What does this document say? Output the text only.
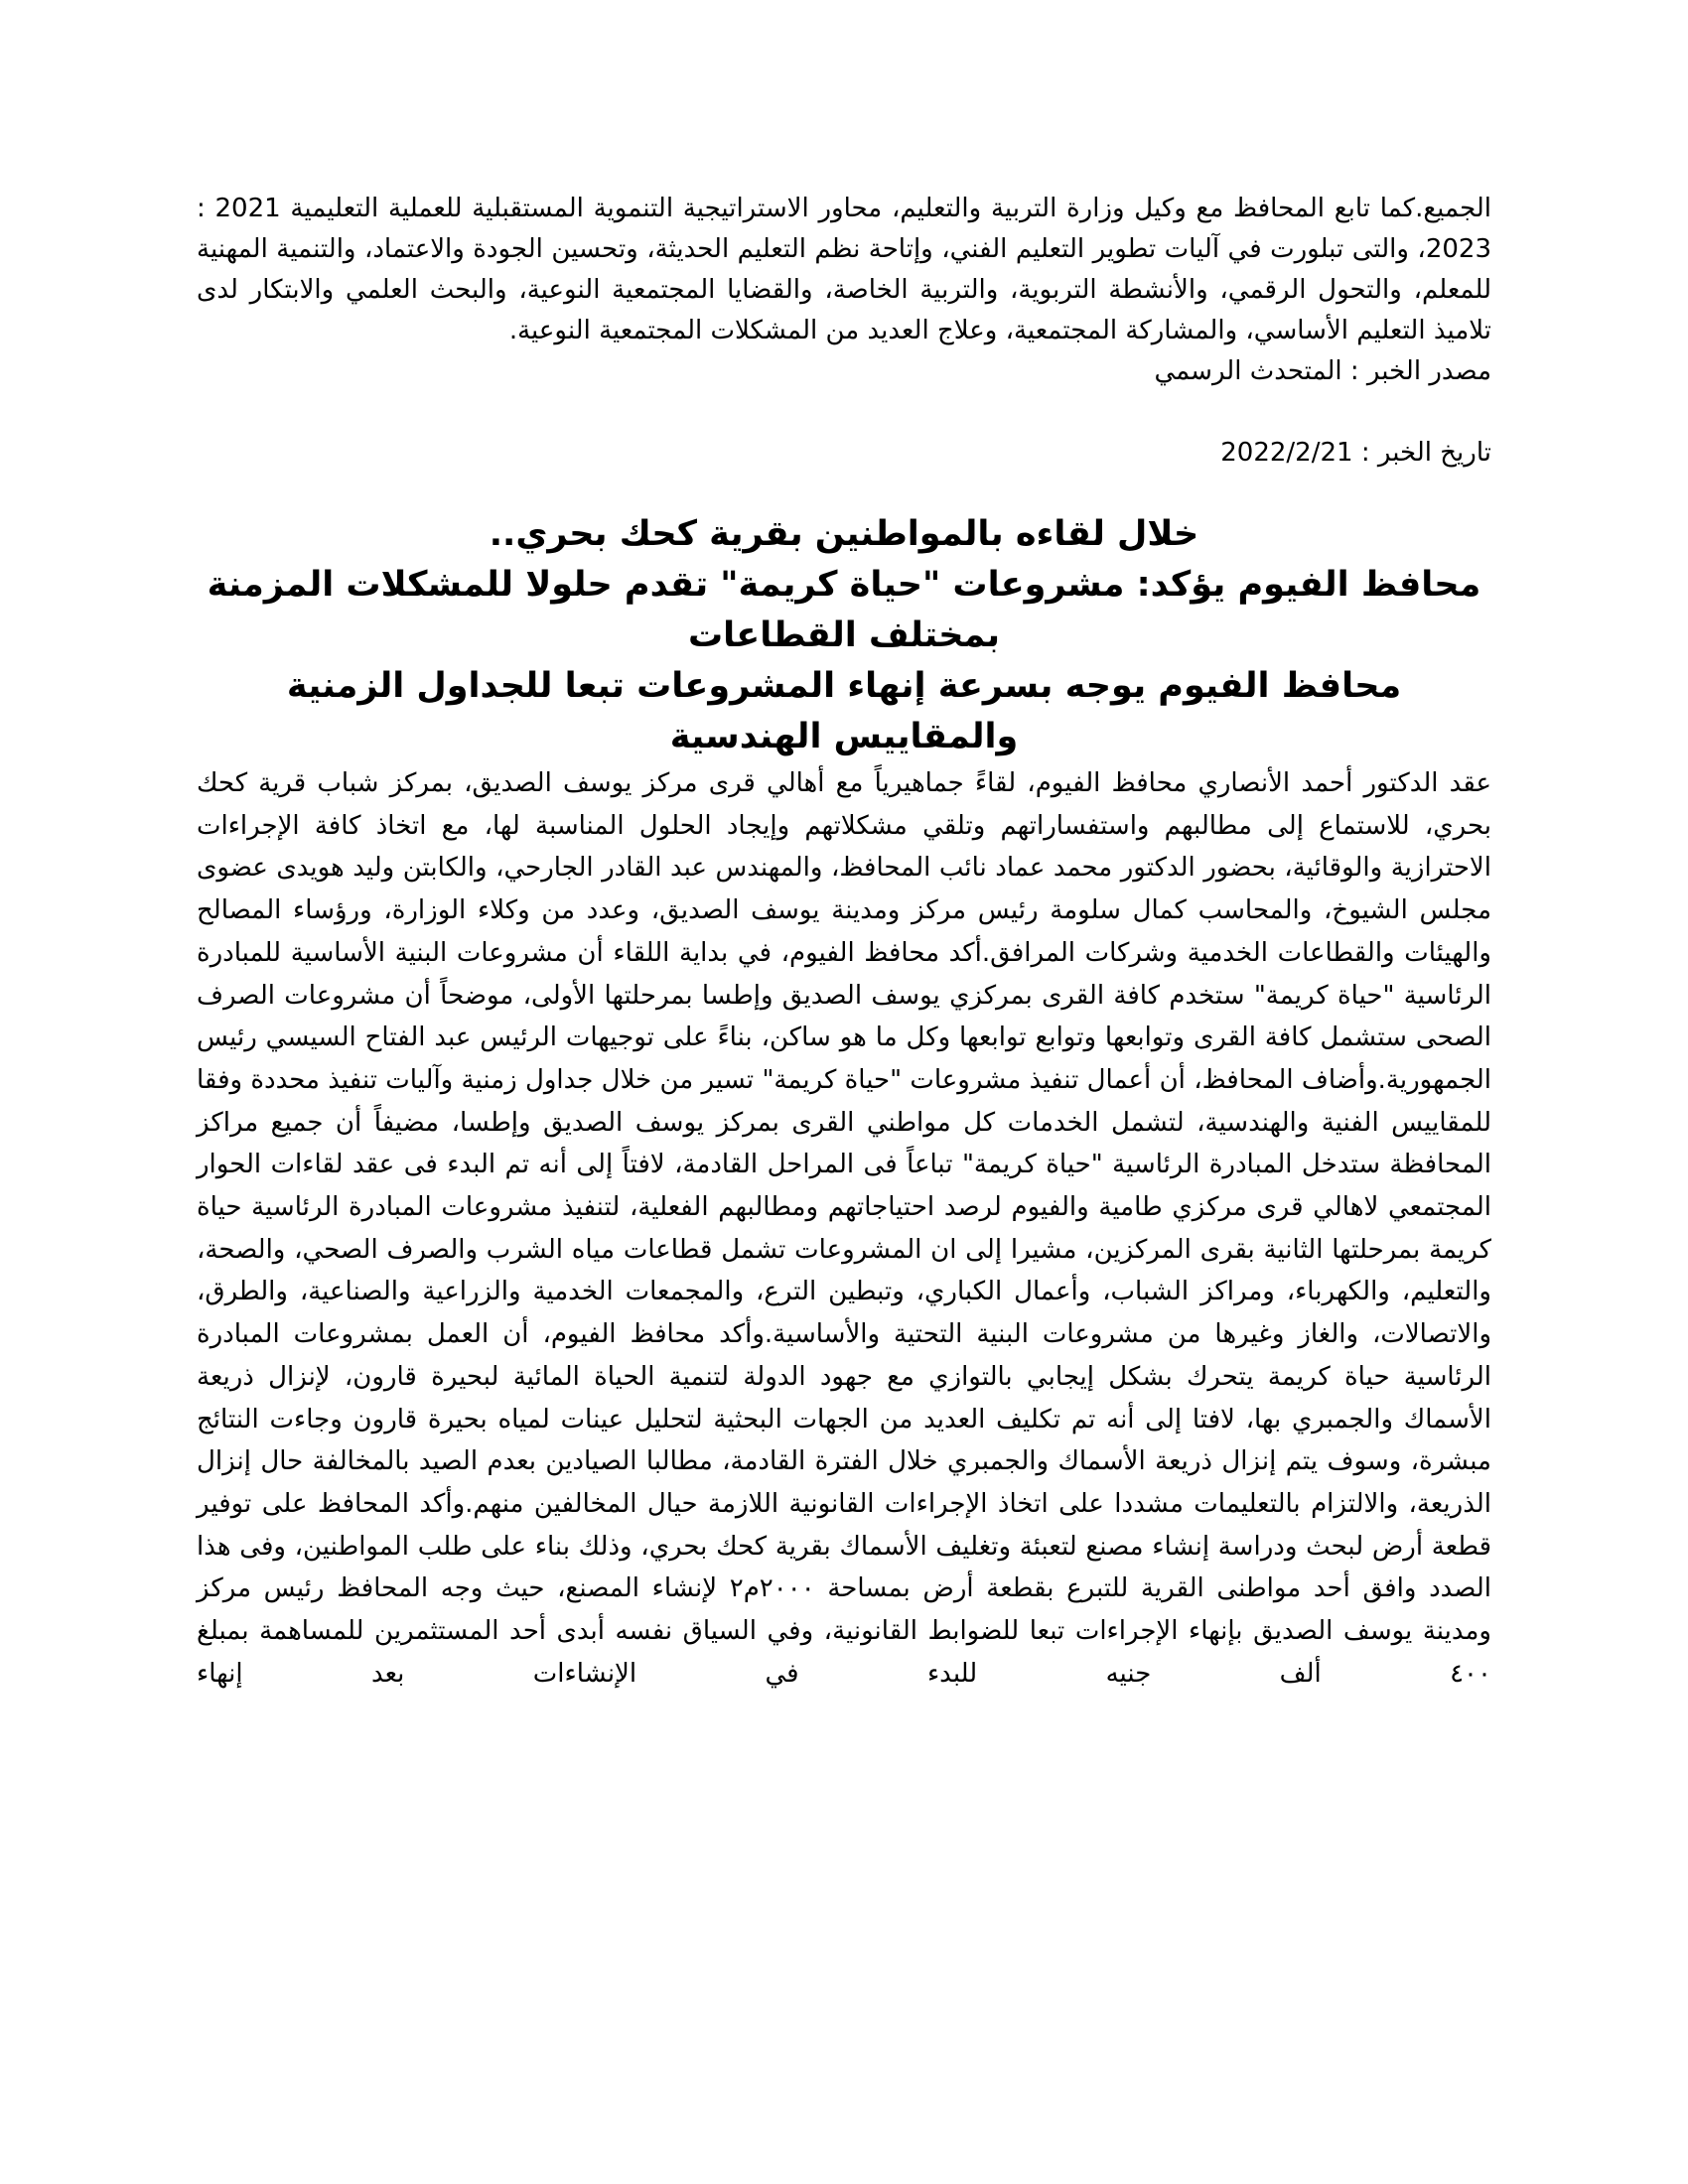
الجميع.كما تابع المحافظ مع وكيل وزارة التربية والتعليم، محاور الاستراتيجية التنموية المستقبلية للعملية التعليمية 2021 : 2023، والتى تبلورت في آليات تطوير التعليم الفني، وإتاحة نظم التعليم الحديثة، وتحسين الجودة والاعتماد، والتنمية المهنية للمعلم، والتحول الرقمي، والأنشطة التربوية، والتربية الخاصة، والقضايا المجتمعية النوعية، والبحث العلمي والابتكار لدى تلاميذ التعليم الأساسي، والمشاركة المجتمعية، وعلاج العديد من المشكلات المجتمعية النوعية.

مصدر الخبر : المتحدث الرسمي

تاريخ الخبر : 2022/2/21

خلال لقاءه بالمواطنين بقرية كحك بحري..
محافظ الفيوم يؤكد: مشروعات "حياة كريمة" تقدم حلولا للمشكلات المزمنة بمختلف القطاعات
محافظ الفيوم يوجه بسرعة إنهاء المشروعات تبعا للجداول الزمنية والمقاييس الهندسية

عقد الدكتور أحمد الأنصاري محافظ الفيوم، لقاءً جماهيرياً مع أهالي قرى مركز يوسف الصديق، بمركز شباب قرية كحك بحري، للاستماع إلى مطالبهم واستفساراتهم وتلقي مشكلاتهم وإيجاد الحلول المناسبة لها، مع اتخاذ كافة الإجراءات الاحترازية والوقائية، بحضور الدكتور محمد عماد نائب المحافظ، والمهندس عبد القادر الجارحي، والكابتن وليد هويدى عضوى مجلس الشيوخ، والمحاسب كمال سلومة رئيس مركز ومدينة يوسف الصديق، وعدد من وكلاء الوزارة، ورؤساء المصالح والهيئات والقطاعات الخدمية وشركات المرافق.أكد محافظ الفيوم، في بداية اللقاء أن مشروعات البنية الأساسية للمبادرة الرئاسية "حياة كريمة" ستخدم كافة القرى بمركزي يوسف الصديق وإطسا بمرحلتها الأولى، موضحاً أن مشروعات الصرف الصحى ستشمل كافة القرى وتوابعها وتوابع توابعها وكل ما هو ساكن، بناءً على توجيهات الرئيس عبد الفتاح السيسي رئيس الجمهورية.وأضاف المحافظ، أن أعمال تنفيذ مشروعات "حياة كريمة" تسير من خلال جداول زمنية وآليات تنفيذ محددة وفقا للمقاييس الفنية والهندسية، لتشمل الخدمات كل مواطني القرى بمركز يوسف الصديق وإطسا، مضيفاً أن جميع مراكز المحافظة ستدخل المبادرة الرئاسية "حياة كريمة" تباعاً فى المراحل القادمة، لافتاً إلى أنه تم البدء فى عقد لقاءات الحوار المجتمعي لاهالي قرى مركزي طامية والفيوم لرصد احتياجاتهم ومطالبهم الفعلية، لتنفيذ مشروعات المبادرة الرئاسية حياة كريمة بمرحلتها الثانية بقرى المركزين، مشيرا إلى ان المشروعات تشمل قطاعات مياه الشرب والصرف الصحي، والصحة، والتعليم، والكهرباء، ومراكز الشباب، وأعمال الكباري، وتبطين الترع، والمجمعات الخدمية والزراعية والصناعية، والطرق، والاتصالات، والغاز وغيرها من مشروعات البنية التحتية والأساسية.وأكد محافظ الفيوم، أن العمل بمشروعات المبادرة الرئاسية حياة كريمة يتحرك بشكل إيجابي بالتوازي مع جهود الدولة لتنمية الحياة المائية لبحيرة قارون، لإنزال ذريعة الأسماك والجمبري بها، لافتا إلى أنه تم تكليف العديد من الجهات البحثية لتحليل عينات لمياه بحيرة قارون وجاءت النتائج مبشرة، وسوف يتم إنزال ذريعة الأسماك والجمبري خلال الفترة القادمة، مطالبا الصيادين بعدم الصيد بالمخالفة حال إنزال الذريعة، والالتزام بالتعليمات مشددا على اتخاذ الإجراءات القانونية اللازمة حيال المخالفين منهم.وأكد المحافظ على توفير قطعة أرض لبحث ودراسة إنشاء مصنع لتعبئة وتغليف الأسماك بقرية كحك بحري، وذلك بناء على طلب المواطنين، وفى هذا الصدد وافق أحد مواطنى القرية للتبرع بقطعة أرض بمساحة ٢٠٠٠م٢ لإنشاء المصنع، حيث وجه المحافظ رئيس مركز ومدينة يوسف الصديق بإنهاء الإجراءات تبعا للضوابط القانونية، وفي السياق نفسه أبدى أحد المستثمرين للمساهمة بمبلغ ٤٠٠ ألف جنيه للبدء في الإنشاءات بعد إنهاء
